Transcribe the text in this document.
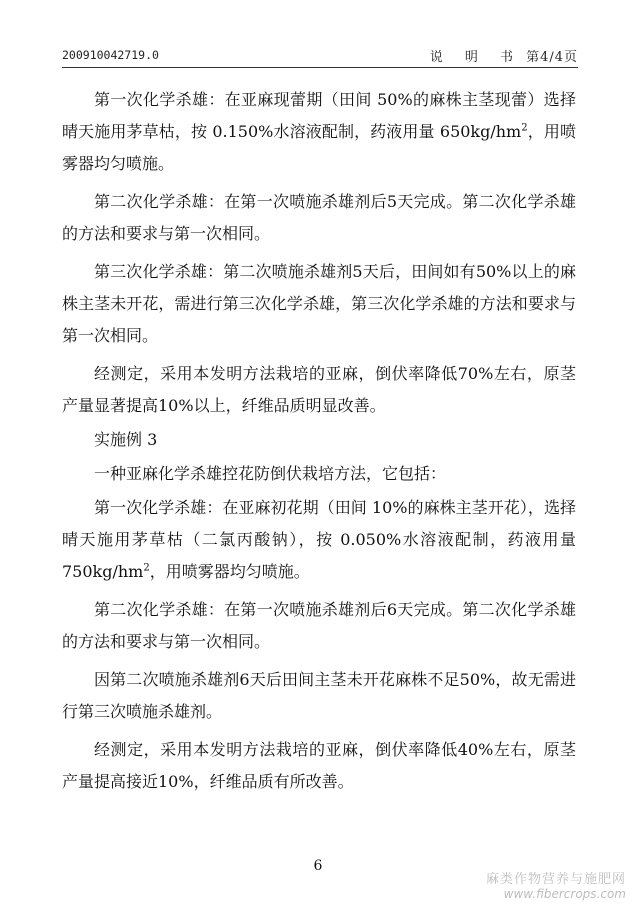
200910042719.0	说 明 书 第4/4页

第一次化学杀雄：在亚麻现蕾期（田间 50%的麻株主茎现蕾）选择晴天施用茅草枯，按 0.150%水溶液配制，药液用量 $650kg/hm^2$，用喷雾器均匀喷施。

第二次化学杀雄：在第一次喷施杀雄剂后5天完成。第二次化学杀雄的方法和要求与第一次相同。

第三次化学杀雄：第二次喷施杀雄剂5天后，田间如有50%以上的麻株主茎未开花，需进行第三次化学杀雄，第三次化学杀雄的方法和要求与第一次相同。

经测定，采用本发明方法栽培的亚麻，倒伏率降低70%左右，原茎产量显著提高10%以上，纤维品质明显改善。

实施例 3

一种亚麻化学杀雄控花防倒伏栽培方法，它包括：

第一次化学杀雄：在亚麻初花期（田间 10%的麻株主茎开花），选择晴天施用茅草枯（二氯丙酸钠），按 0.050%水溶液配制，药液用量 $750kg/hm^2$，用喷雾器均匀喷施。

第二次化学杀雄：在第一次喷施杀雄剂后6天完成。第二次化学杀雄的方法和要求与第一次相同。

因第二次喷施杀雄剂6天后田间主茎未开花麻株不足50%，故无需进行第三次喷施杀雄剂。

经测定，采用本发明方法栽培的亚麻，倒伏率降低40%左右，原茎产量提高接近10%，纤维品质有所改善。

6
麻类作物营养与施肥网
www.fibercrops.com
